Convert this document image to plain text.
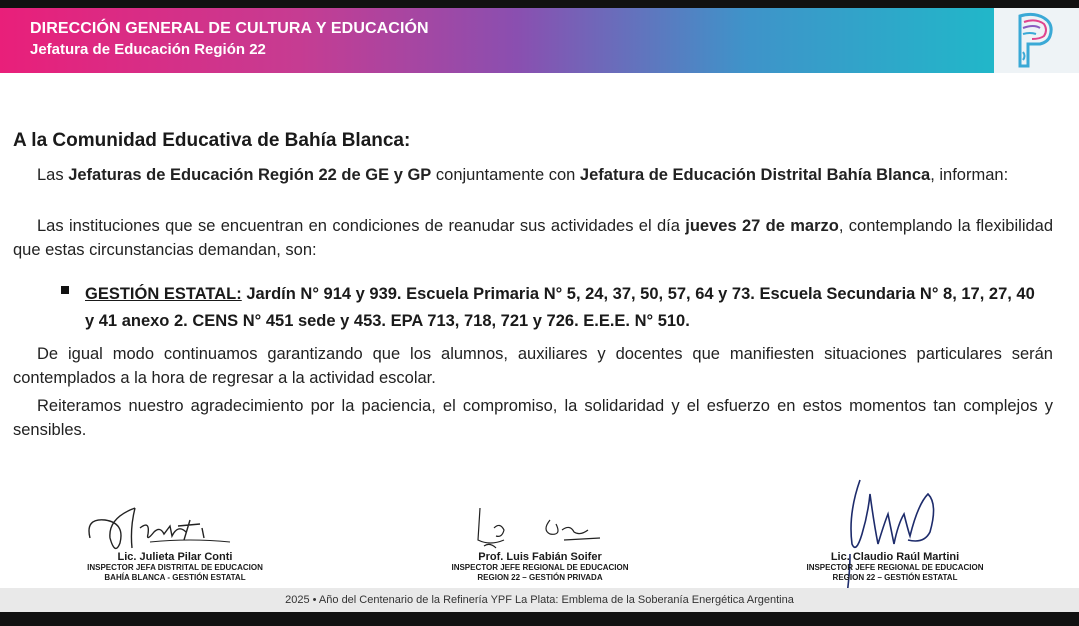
DIRECCIÓN GENERAL DE CULTURA Y EDUCACIÓN
Jefatura de Educación Región 22
A la Comunidad Educativa de Bahía Blanca:
Las Jefaturas de Educación Región 22 de GE y GP conjuntamente con Jefatura de Educación Distrital Bahía Blanca, informan:
Las instituciones que se encuentran en condiciones de reanudar sus actividades el día jueves 27 de marzo, contemplando la flexibilidad que estas circunstancias demandan, son:
GESTIÓN ESTATAL: Jardín N° 914 y 939. Escuela Primaria N° 5, 24, 37, 50, 57, 64 y 73. Escuela Secundaria N° 8, 17, 27, 40 y 41 anexo 2. CENS N° 451 sede y 453. EPA 713, 718, 721 y 726. E.E.E. N° 510.
De igual modo continuamos garantizando que los alumnos, auxiliares y docentes que manifiesten situaciones particulares serán contemplados a la hora de regresar a la actividad escolar.
Reiteramos nuestro agradecimiento por la paciencia, el compromiso, la solidaridad y el esfuerzo en estos momentos tan complejos y sensibles.
Lic. Julieta Pilar Conti
INSPECTOR JEFA DISTRITAL DE EDUCACION
BAHÍA BLANCA - GESTIÓN ESTATAL
Prof. Luis Fabián Soifer
INSPECTOR JEFE REGIONAL DE EDUCACION
REGION 22 – GESTIÓN PRIVADA
Lic. Claudio Raúl Martini
INSPECTOR JEFE REGIONAL DE EDUCACION
REGION 22 – GESTIÓN ESTATAL
2025 • Año del Centenario de la Refinería YPF La Plata: Emblema de la Soberanía Energética Argentina
